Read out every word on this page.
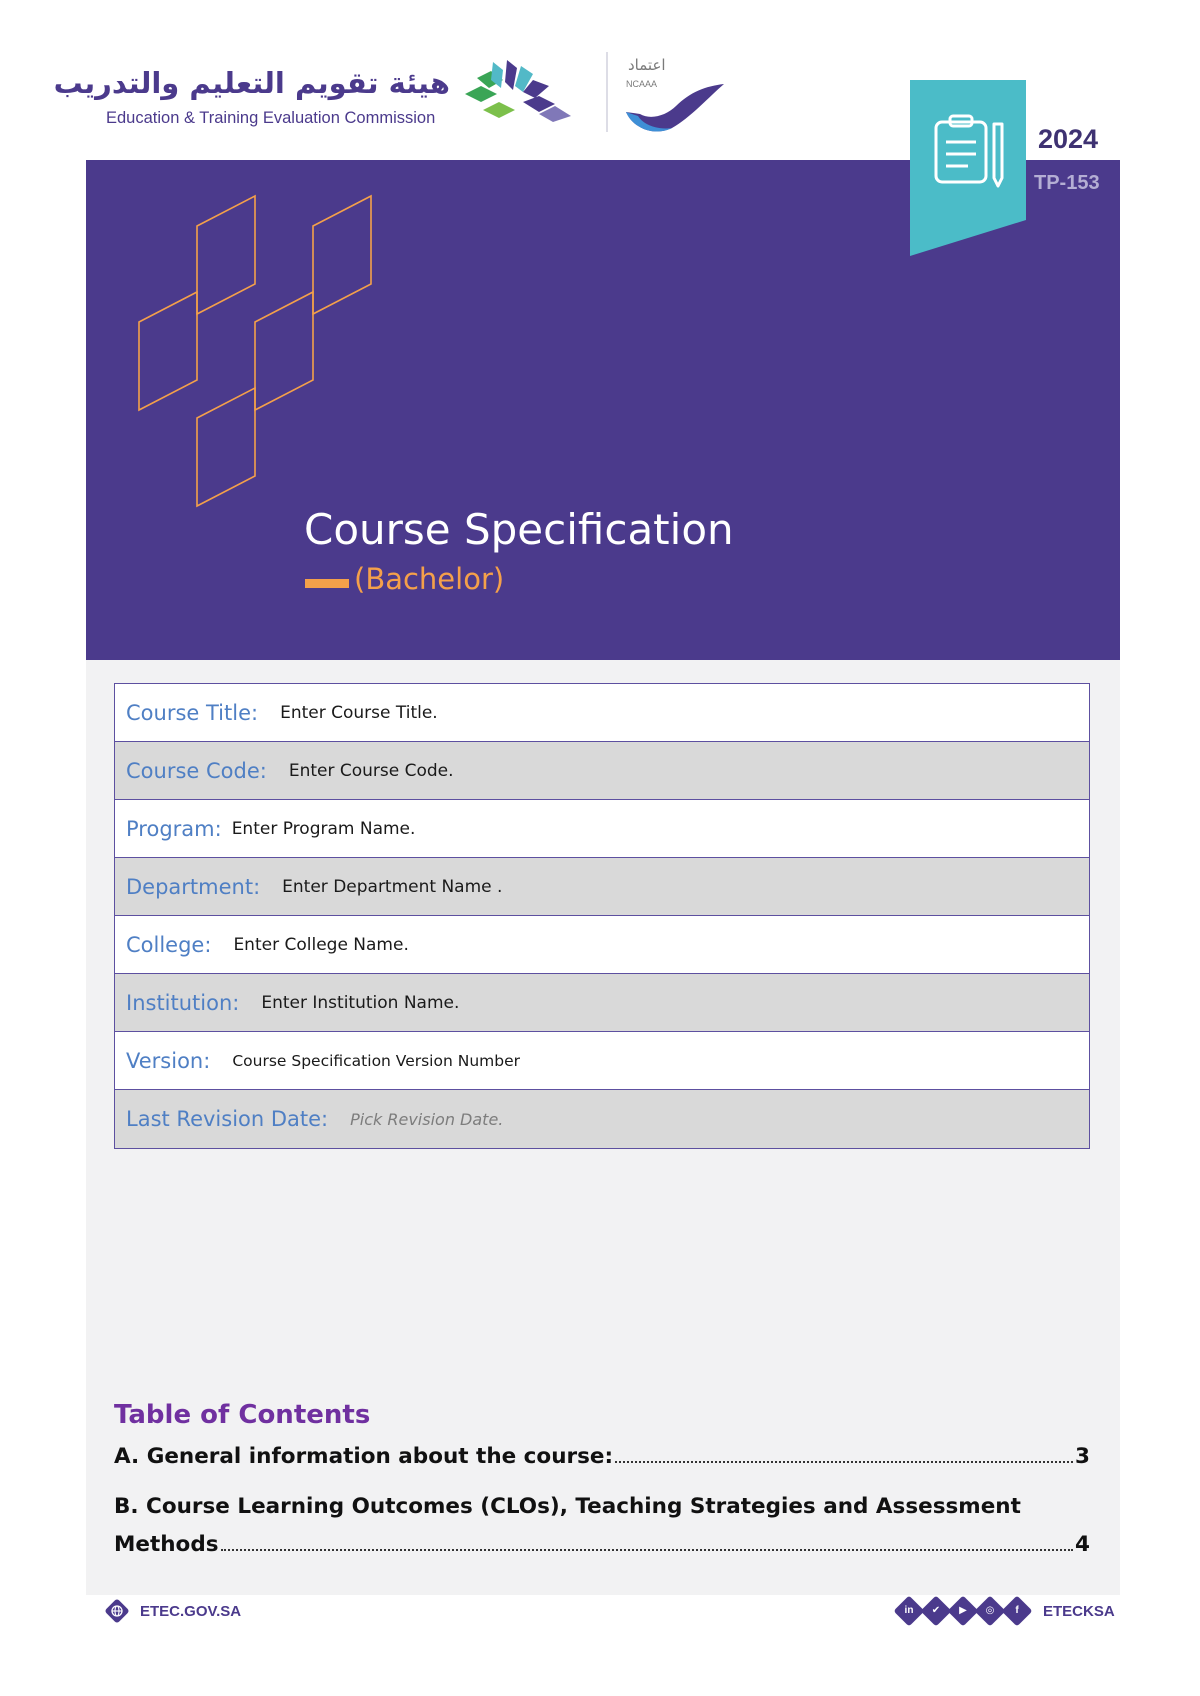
هيئة تقويم التعليم والتدريب
Education & Training Evaluation Commission
اعتماد
NCAAA
Course Specification
(Bachelor)
2024
TP-153
Course Title: Enter Course Title.
Course Code: Enter Course Code.
Program: Enter Program Name.
Department: Enter Department Name .
College: Enter College Name.
Institution: Enter Institution Name.
Version: Course Specification Version Number
Last Revision Date: Pick Revision Date.
Table of Contents
A. General information about the course:	3
B. Course Learning Outcomes (CLOs), Teaching Strategies and Assessment
Methods	4
ETEC.GOV.SA	in	✔	▶	◎	f	ETECKSA
